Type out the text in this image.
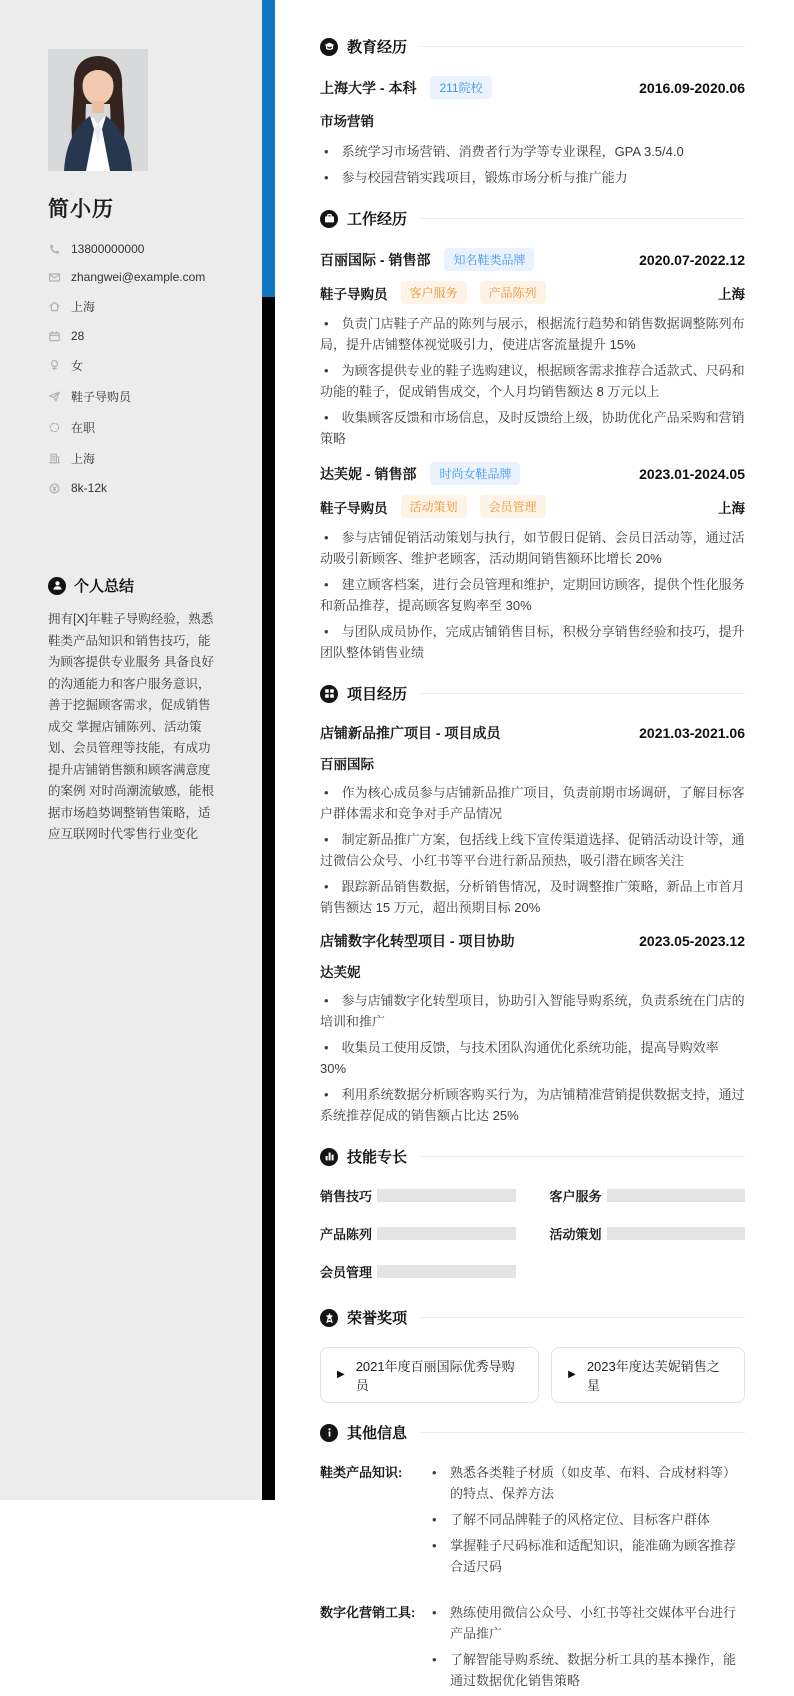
简小历
13800000000
zhangwei@example.com
上海
28
女
鞋子导购员
在职
上海
8k-12k
个人总结

拥有[X]年鞋子导购经验，熟悉鞋类产品知识和销售技巧，能为顾客提供专业服务 具备良好的沟通能力和客户服务意识，善于挖掘顾客需求，促成销售成交 掌握店铺陈列、活动策划、会员管理等技能，有成功提升店铺销售额和顾客满意度的案例 对时尚潮流敏感，能根据市场趋势调整销售策略，适应互联网时代零售行业变化

教育经历
上海大学 - 本科	211院校	2016.09-2020.06
市场营销
• 系统学习市场营销、消费者行为学等专业课程，GPA 3.5/4.0
• 参与校园营销实践项目，锻炼市场分析与推广能力
工作经历
百丽国际 - 销售部	知名鞋类品牌	2020.07-2022.12
鞋子导购员	客户服务	产品陈列	上海
• 负责门店鞋子产品的陈列与展示，根据流行趋势和销售数据调整陈列布局，提升店铺整体视觉吸引力，使进店客流量提升 15%
• 为顾客提供专业的鞋子选购建议，根据顾客需求推荐合适款式、尺码和功能的鞋子，促成销售成交，个人月均销售额达 8 万元以上
• 收集顾客反馈和市场信息，及时反馈给上级，协助优化产品采购和营销策略
达芙妮 - 销售部	时尚女鞋品牌	2023.01-2024.05
鞋子导购员	活动策划	会员管理	上海
• 参与店铺促销活动策划与执行，如节假日促销、会员日活动等，通过活动吸引新顾客、维护老顾客，活动期间销售额环比增长 20%
• 建立顾客档案，进行会员管理和维护，定期回访顾客，提供个性化服务和新品推荐，提高顾客复购率至 30%
• 与团队成员协作，完成店铺销售目标，积极分享销售经验和技巧，提升团队整体销售业绩
项目经历
店铺新品推广项目 - 项目成员	2021.03-2021.06
百丽国际
• 作为核心成员参与店铺新品推广项目，负责前期市场调研，了解目标客户群体需求和竞争对手产品情况
• 制定新品推广方案，包括线上线下宣传渠道选择、促销活动设计等，通过微信公众号、小红书等平台进行新品预热，吸引潜在顾客关注
• 跟踪新品销售数据，分析销售情况，及时调整推广策略，新品上市首月销售额达 15 万元，超出预期目标 20%
店铺数字化转型项目 - 项目协助	2023.05-2023.12
达芙妮
• 参与店铺数字化转型项目，协助引入智能导购系统，负责系统在门店的培训和推广
• 收集员工使用反馈，与技术团队沟通优化系统功能，提高导购效率 30%
• 利用系统数据分析顾客购买行为，为店铺精准营销提供数据支持，通过系统推荐促成的销售额占比达 25%
技能专长
销售技巧	客户服务
产品陈列	活动策划
会员管理
荣誉奖项
▶
2021年度百丽国际优秀导购员
▶
2023年度达芙妮销售之星
其他信息
鞋类产品知识:	• 熟悉各类鞋子材质（如皮革、布料、合成材料等）的特点、保养方法
• 了解不同品牌鞋子的风格定位、目标客户群体
• 掌握鞋子尺码标准和适配知识，能准确为顾客推荐合适尺码
数字化营销工具:	• 熟练使用微信公众号、小红书等社交媒体平台进行产品推广
• 了解智能导购系统、数据分析工具的基本操作，能通过数据优化销售策略
